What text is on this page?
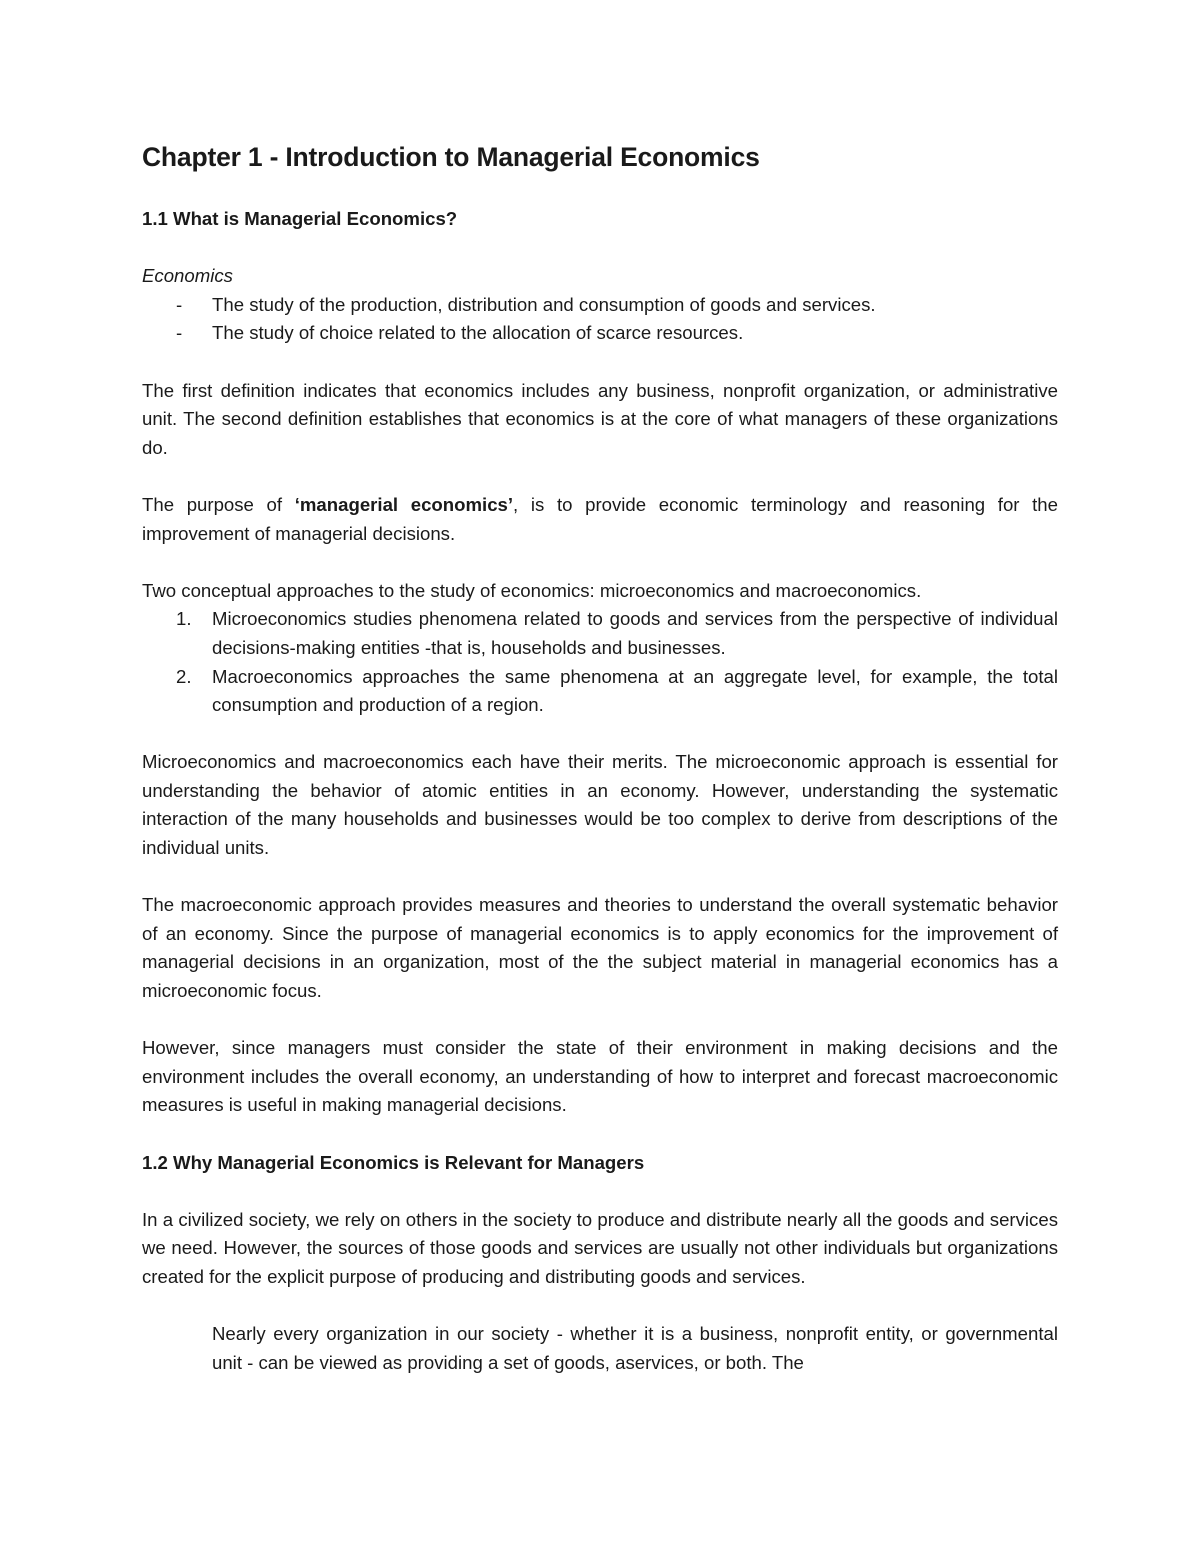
Chapter 1 - Introduction to Managerial Economics
1.1 What is Managerial Economics?
Economics
- The study of the production, distribution and consumption of goods and services.
- The study of choice related to the allocation of scarce resources.

The first definition indicates that economics includes any business, nonprofit organization, or administrative unit. The second definition establishes that economics is at the core of what managers of these organizations do.

The purpose of ‘managerial economics’, is to provide economic terminology and reasoning for the improvement of managerial decisions.

Two conceptual approaches to the study of economics: microeconomics and macroeconomics.

1. Microeconomics studies phenomena related to goods and services from the perspective of individual decisions-making entities -that is, households and businesses.
2. Macroeconomics approaches the same phenomena at an aggregate level, for example, the total consumption and production of a region.

Microeconomics and macroeconomics each have their merits. The microeconomic approach is essential for understanding the behavior of atomic entities in an economy. However, understanding the systematic interaction of the many households and businesses would be too complex to derive from descriptions of the individual units.

The macroeconomic approach provides measures and theories to understand the overall systematic behavior of an economy. Since the purpose of managerial economics is to apply economics for the improvement of managerial decisions in an organization, most of the the subject material in managerial economics has a microeconomic focus.

However, since managers must consider the state of their environment in making decisions and the environment includes the overall economy, an understanding of how to interpret and forecast macroeconomic measures is useful in making managerial decisions.

1.2 Why Managerial Economics is Relevant for Managers

In a civilized society, we rely on others in the society to produce and distribute nearly all the goods and services we need. However, the sources of those goods and services are usually not other individuals but organizations created for the explicit purpose of producing and distributing goods and services.

Nearly every organization in our society - whether it is a business, nonprofit entity, or governmental unit - can be viewed as providing a set of goods, aservices, or both. The
